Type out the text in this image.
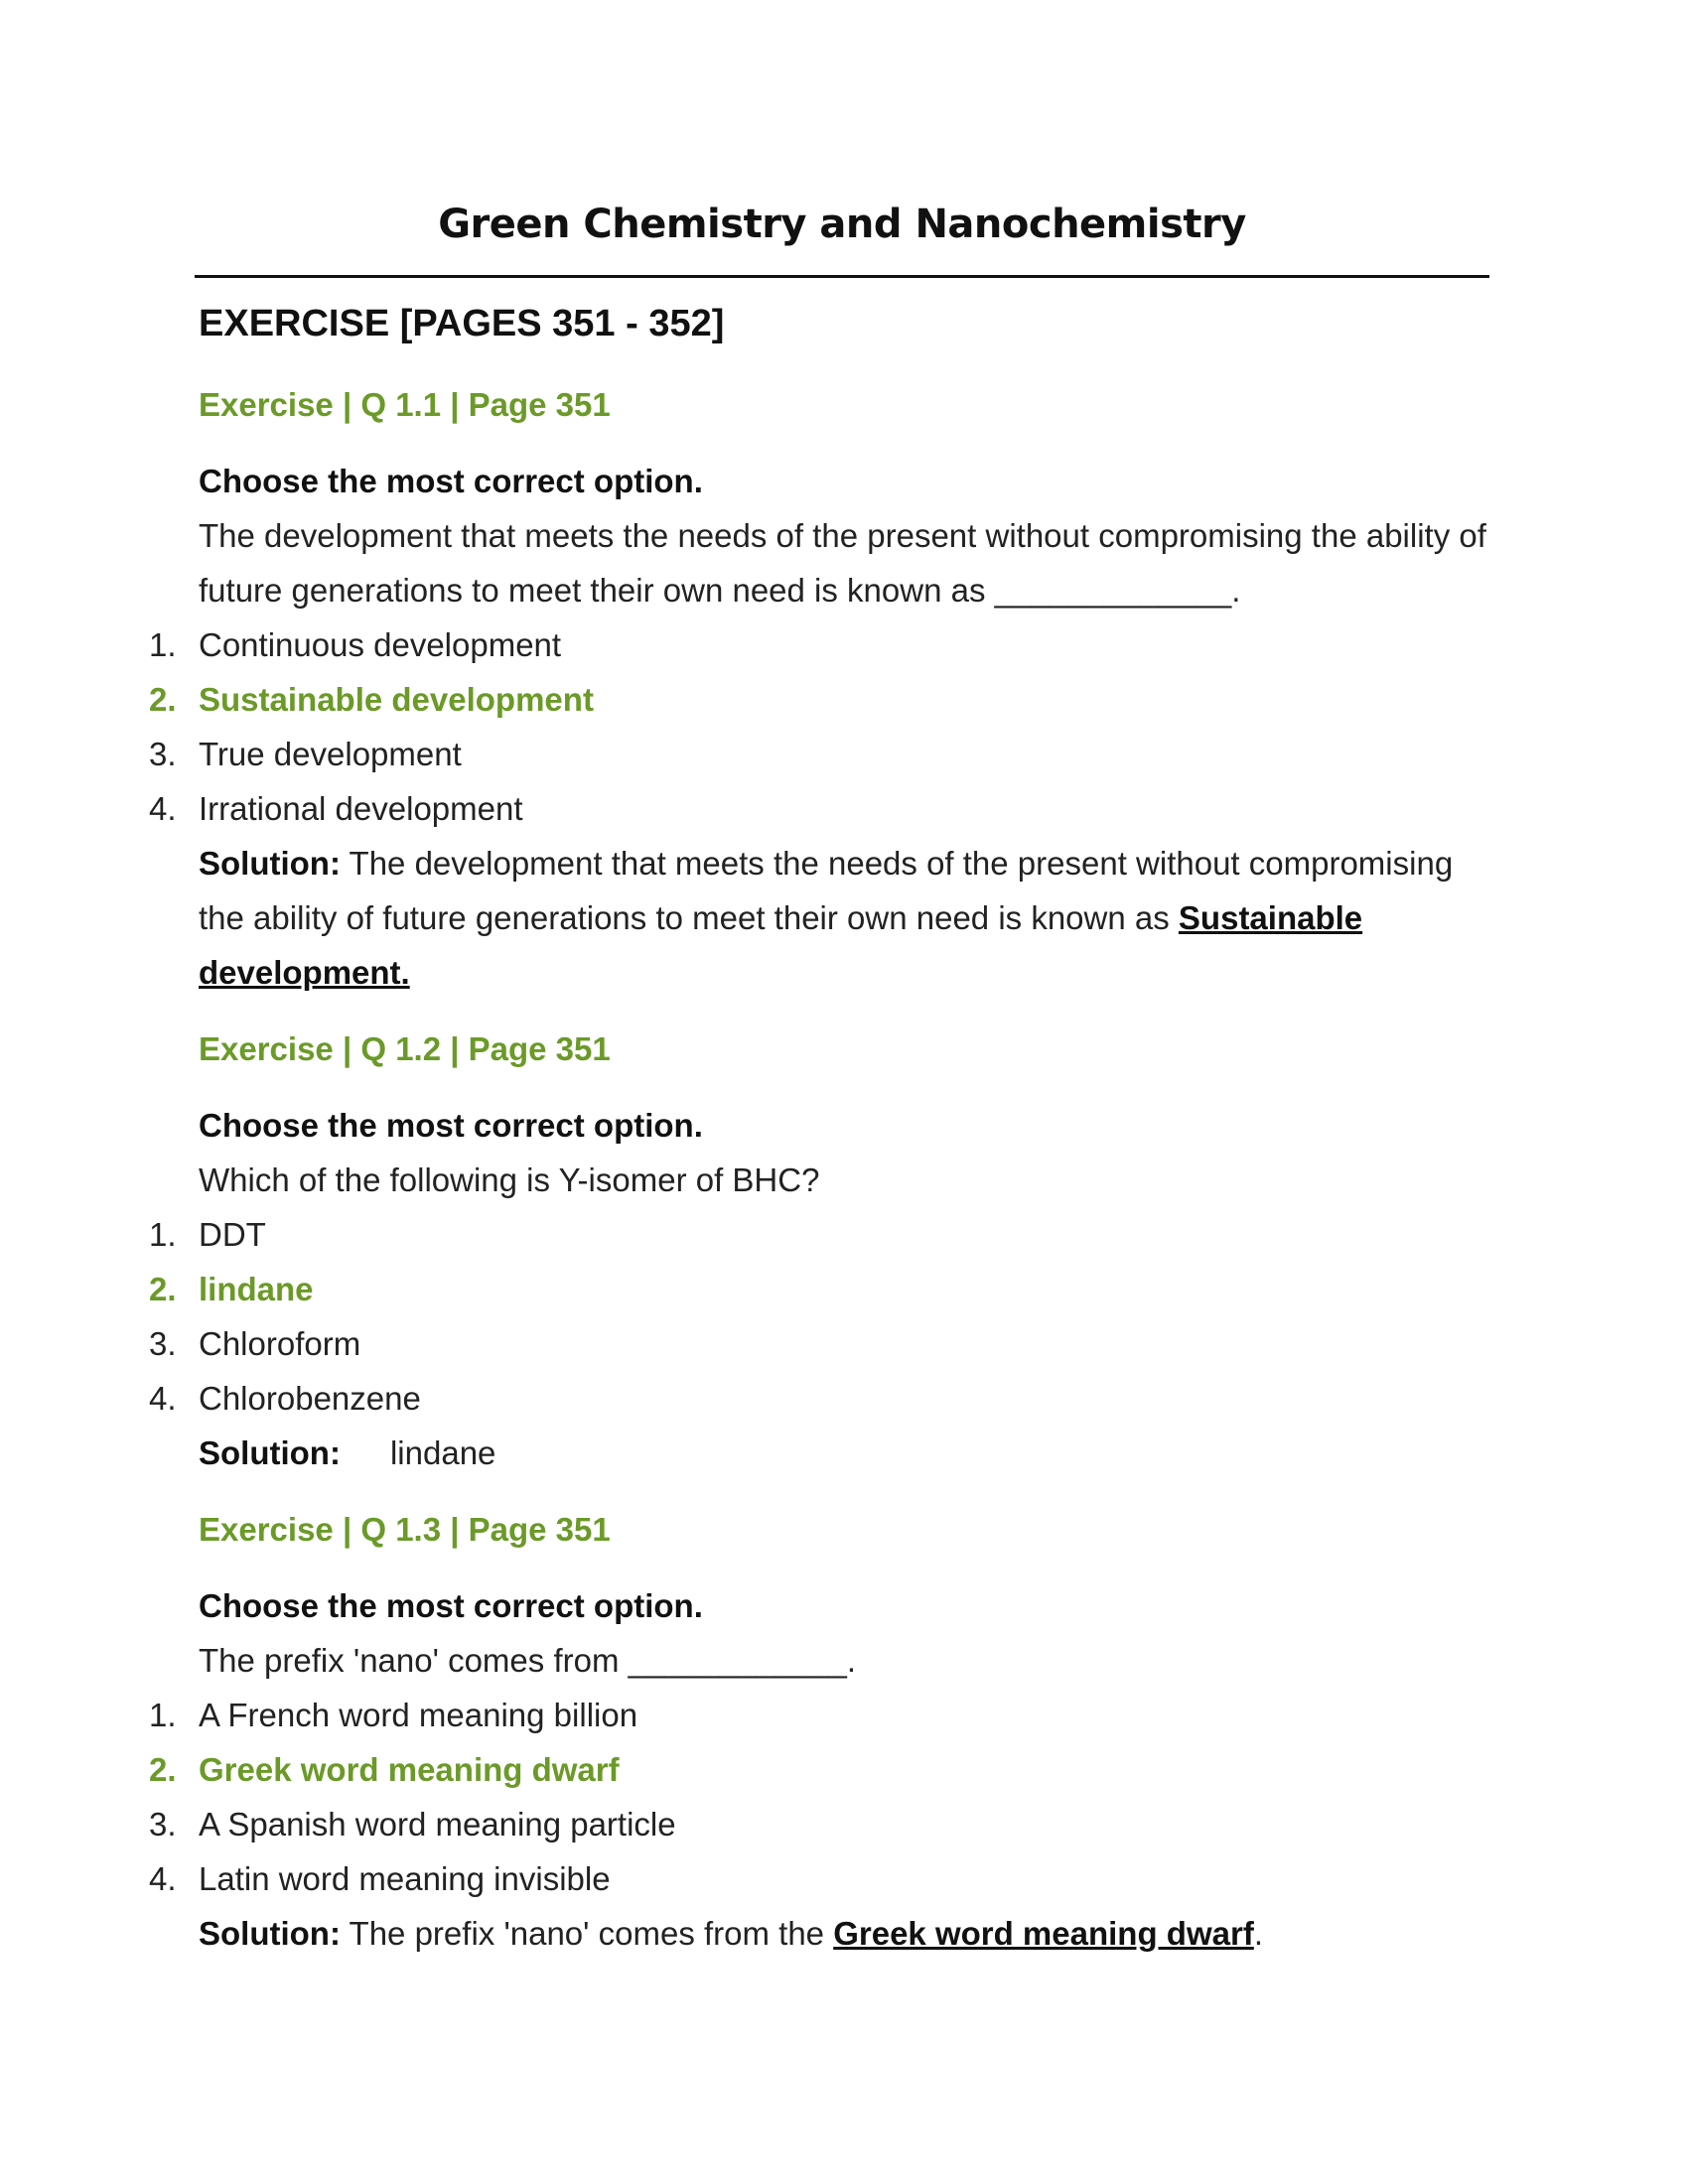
Green Chemistry and Nanochemistry
EXERCISE [PAGES 351 - 352]
Exercise | Q 1.1 | Page 351
Choose the most correct option.
The development that meets the needs of the present without compromising the ability of future generations to meet their own need is known as _____________.
1. Continuous development
2. Sustainable development
3. True development
4. Irrational development
Solution: The development that meets the needs of the present without compromising the ability of future generations to meet their own need is known as Sustainable development.
Exercise | Q 1.2 | Page 351
Choose the most correct option.
Which of the following is Y-isomer of BHC?
1. DDT
2. lindane
3. Chloroform
4. Chlorobenzene
Solution: lindane
Exercise | Q 1.3 | Page 351
Choose the most correct option.
The prefix 'nano' comes from ____________.
1. A French word meaning billion
2. Greek word meaning dwarf
3. A Spanish word meaning particle
4. Latin word meaning invisible
Solution: The prefix 'nano' comes from the Greek word meaning dwarf.
